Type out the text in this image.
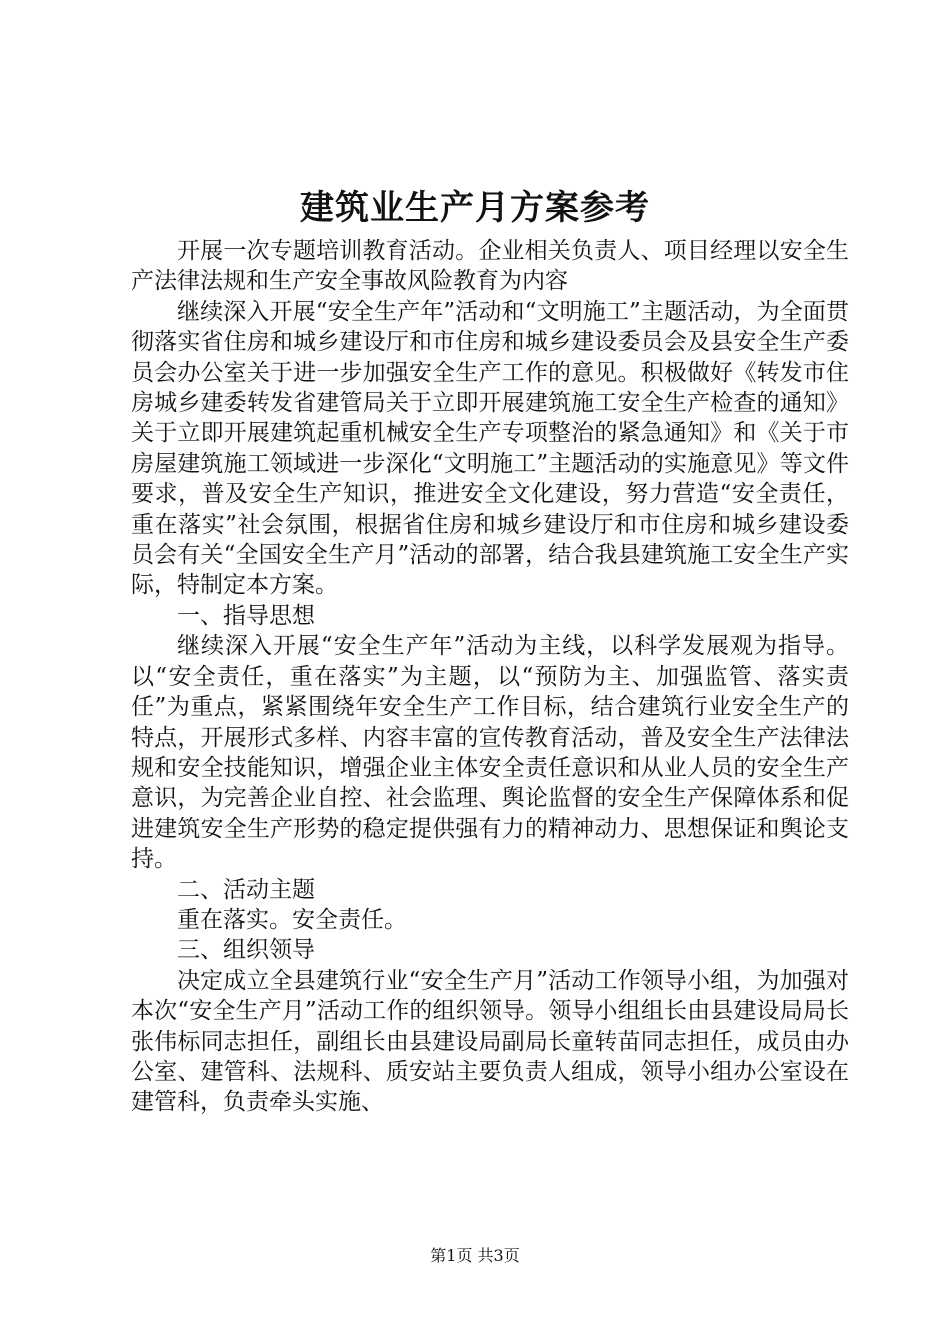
建筑业生产月方案参考

开展一次专题培训教育活动。企业相关负责人、项目经理以安全生产法律法规和生产安全事故风险教育为内容

继续深入开展“安全生产年”活动和“文明施工”主题活动，为全面贯彻落实省住房和城乡建设厅和市住房和城乡建设委员会及县安全生产委员会办公室关于进一步加强安全生产工作的意见。积极做好《转发市住房城乡建委转发省建管局关于立即开展建筑施工安全生产检查的通知》关于立即开展建筑起重机械安全生产专项整治的紧急通知》和《关于市房屋建筑施工领域进一步深化“文明施工”主题活动的实施意见》等文件要求，普及安全生产知识，推进安全文化建设，努力营造“安全责任，重在落实”社会氛围，根据省住房和城乡建设厅和市住房和城乡建设委员会有关“全国安全生产月”活动的部署，结合我县建筑施工安全生产实际，特制定本方案。

一、指导思想

继续深入开展“安全生产年”活动为主线，以科学发展观为指导。以“安全责任，重在落实”为主题，以“预防为主、加强监管、落实责任”为重点，紧紧围绕年安全生产工作目标，结合建筑行业安全生产的特点，开展形式多样、内容丰富的宣传教育活动，普及安全生产法律法规和安全技能知识，增强企业主体安全责任意识和从业人员的安全生产意识，为完善企业自控、社会监理、舆论监督的安全生产保障体系和促进建筑安全生产形势的稳定提供强有力的精神动力、思想保证和舆论支持。

二、活动主题

重在落实。安全责任。

三、组织领导

决定成立全县建筑行业“安全生产月”活动工作领导小组，为加强对本次“安全生产月”活动工作的组织领导。领导小组组长由县建设局局长张伟标同志担任，副组长由县建设局副局长童转苗同志担任，成员由办公室、建管科、法规科、质安站主要负责人组成，领导小组办公室设在建管科，负责牵头实施、

第1页 共3页
